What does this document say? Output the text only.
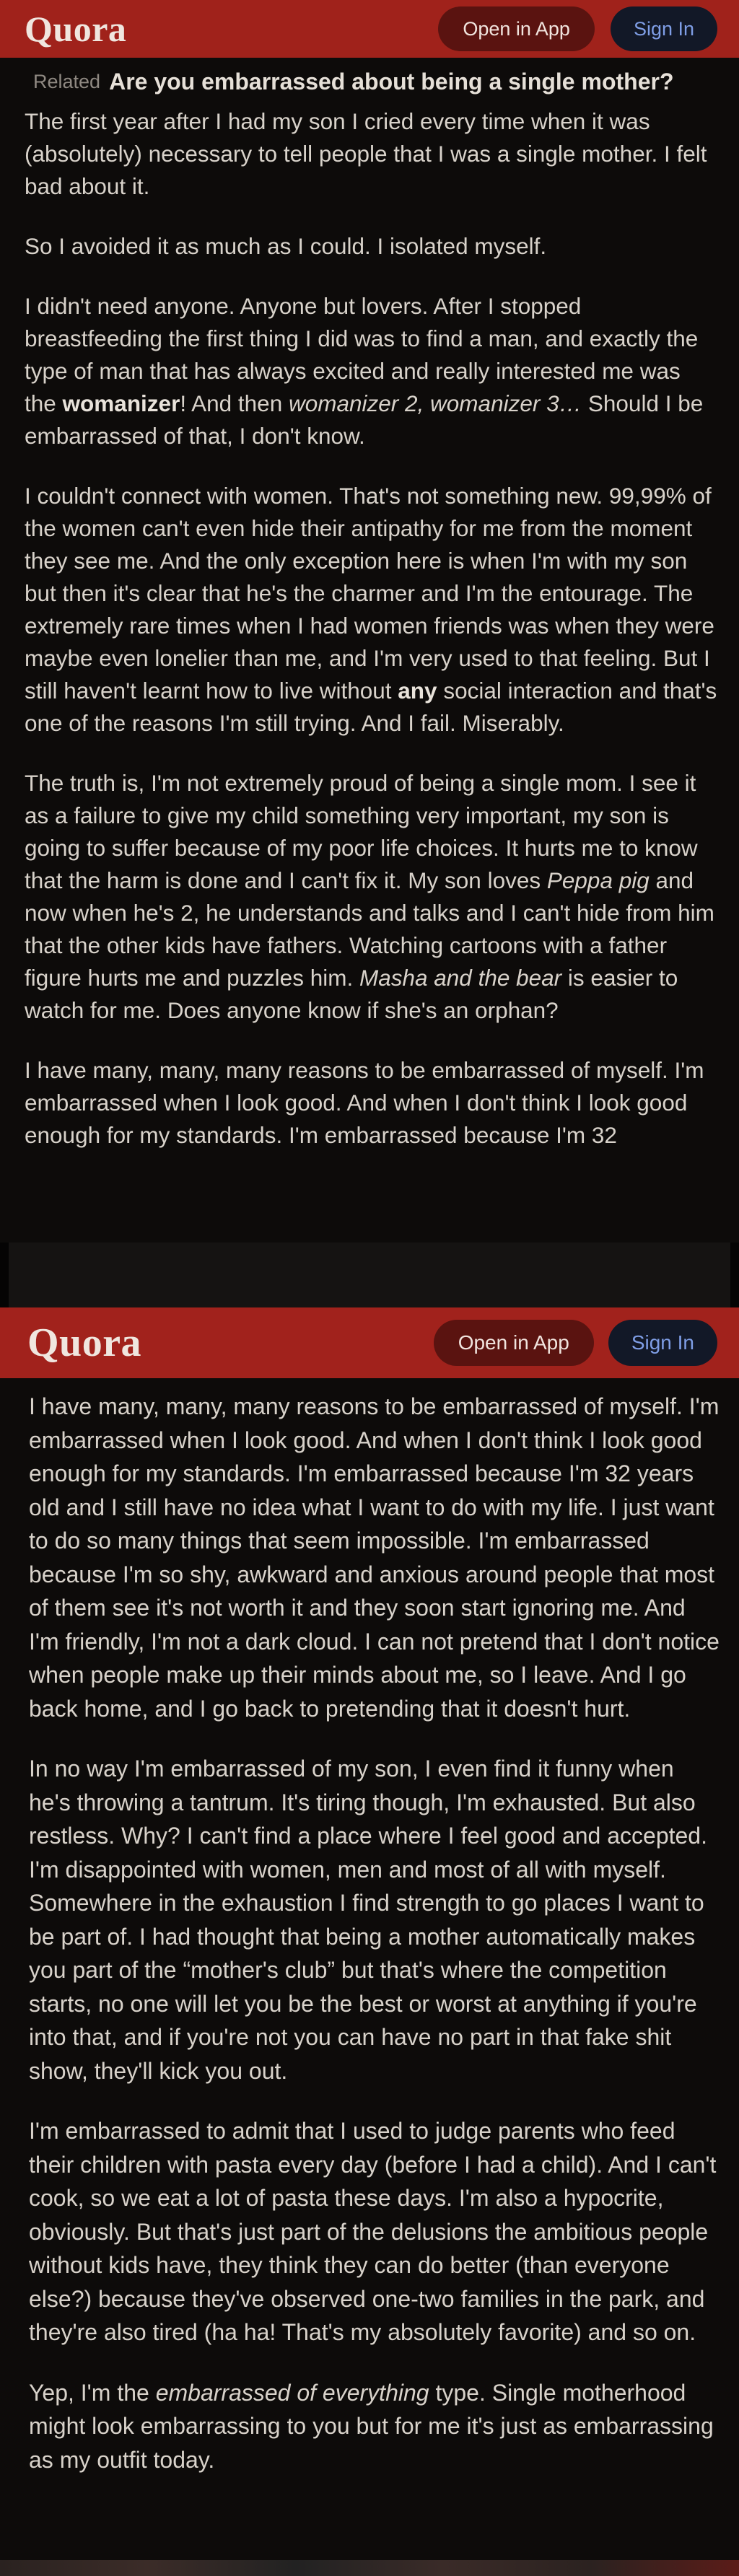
Quora	Open in App	Sign In
Related Are you embarrassed about being a single mother?

The first year after I had my son I cried every time when it was (absolutely) necessary to tell people that I was a single mother. I felt bad about it.

So I avoided it as much as I could. I isolated myself.

I didn't need anyone. Anyone but lovers. After I stopped breastfeeding the first thing I did was to find a man, and exactly the type of man that has always excited and really interested me was the womanizer! And then womanizer 2, womanizer 3… Should I be embarrassed of that, I don't know.

I couldn't connect with women. That's not something new. 99,99% of the women can't even hide their antipathy for me from the moment they see me. And the only exception here is when I'm with my son but then it's clear that he's the charmer and I'm the entourage. The extremely rare times when I had women friends was when they were maybe even lonelier than me, and I'm very used to that feeling. But I still haven't learnt how to live without any social interaction and that's one of the reasons I'm still trying. And I fail. Miserably.

The truth is, I'm not extremely proud of being a single mom. I see it as a failure to give my child something very important, my son is going to suffer because of my poor life choices. It hurts me to know that the harm is done and I can't fix it. My son loves Peppa pig and now when he's 2, he understands and talks and I can't hide from him that the other kids have fathers. Watching cartoons with a father figure hurts me and puzzles him. Masha and the bear is easier to watch for me. Does anyone know if she's an orphan?

I have many, many, many reasons to be embarrassed of myself. I'm embarrassed when I look good. And when I don't think I look good enough for my standards. I'm embarrassed because I'm 32

Quora	Open in App	Sign In

I have many, many, many reasons to be embarrassed of myself. I'm embarrassed when I look good. And when I don't think I look good enough for my standards. I'm embarrassed because I'm 32 years old and I still have no idea what I want to do with my life. I just want to do so many things that seem impossible. I'm embarrassed because I'm so shy, awkward and anxious around people that most of them see it's not worth it and they soon start ignoring me. And I'm friendly, I'm not a dark cloud. I can not pretend that I don't notice when people make up their minds about me, so I leave. And I go back home, and I go back to pretending that it doesn't hurt.

In no way I'm embarrassed of my son, I even find it funny when he's throwing a tantrum. It's tiring though, I'm exhausted. But also restless. Why? I can't find a place where I feel good and accepted. I'm disappointed with women, men and most of all with myself. Somewhere in the exhaustion I find strength to go places I want to be part of. I had thought that being a mother automatically makes you part of the “mother's club” but that's where the competition starts, no one will let you be the best or worst at anything if you're into that, and if you're not you can have no part in that fake shit show, they'll kick you out.

I'm embarrassed to admit that I used to judge parents who feed their children with pasta every day (before I had a child). And I can't cook, so we eat a lot of pasta these days. I'm also a hypocrite, obviously. But that's just part of the delusions the ambitious people without kids have, they think they can do better (than everyone else?) because they've observed one-two families in the park, and they're also tired (ha ha! That's my absolutely favorite) and so on.

Yep, I'm the embarrassed of everything type. Single motherhood might look embarrassing to you but for me it's just as embarrassing as my outfit today.
